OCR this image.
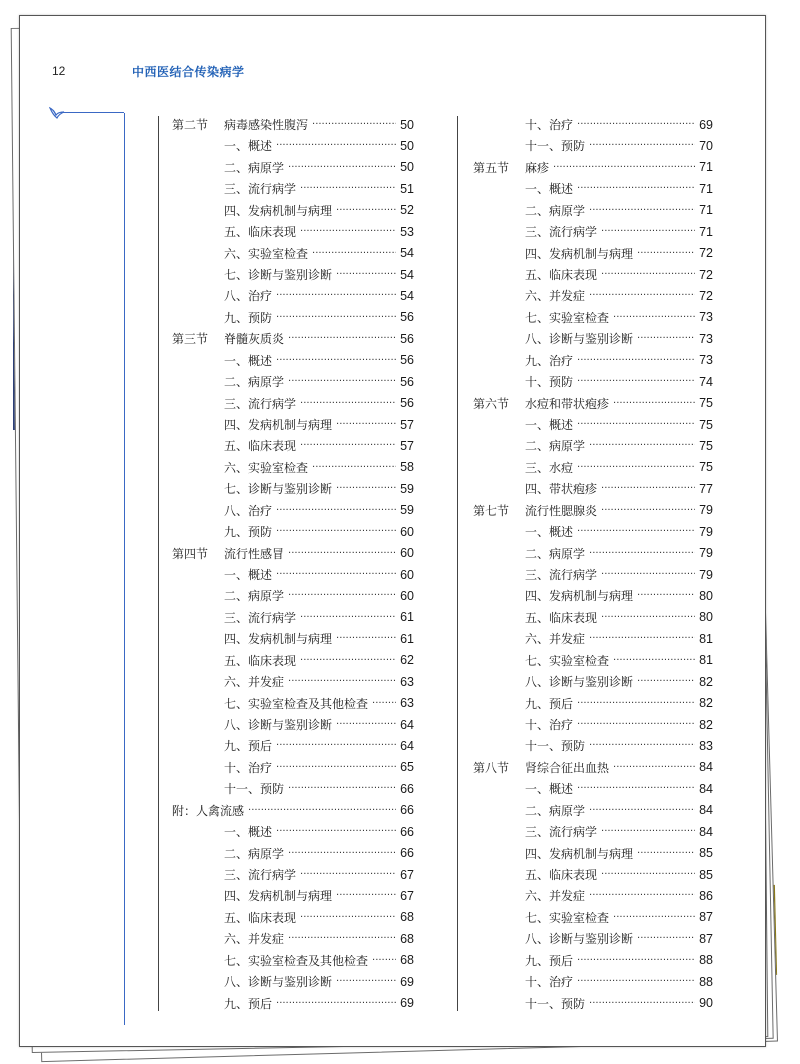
12	中西医结合传染病学
第二节	病毒感染性腹泻 ·····	50
一、概述 ·····	50
二、病原学 ·····	50
三、流行病学 ·····	51
四、发病机制与病理 ·····	52
五、临床表现 ·····	53
六、实验室检查 ·····	54
七、诊断与鉴别诊断 ·····	54
八、治疗 ·····	54
九、预防 ·····	56
第三节	脊髓灰质炎 ·····	56
一、概述 ·····	56
二、病原学 ·····	56
三、流行病学 ·····	56
四、发病机制与病理 ·····	57
五、临床表现 ·····	57
六、实验室检查 ·····	58
七、诊断与鉴别诊断 ·····	59
八、治疗 ·····	59
九、预防 ·····	60
第四节	流行性感冒 ·····	60
一、概述 ·····	60
二、病原学 ·····	60
三、流行病学 ·····	61
四、发病机制与病理 ·····	61
五、临床表现 ·····	62
六、并发症 ·····	63
七、实验室检查及其他检查 ·····	63
八、诊断与鉴别诊断 ·····	64
九、预后 ·····	64
十、治疗 ·····	65
十一、预防 ·····	66
附：人禽流感 ·····	66
一、概述 ·····	66
二、病原学 ·····	66
三、流行病学 ·····	67
四、发病机制与病理 ·····	67
五、临床表现 ·····	68
六、并发症 ·····	68
七、实验室检查及其他检查 ·····	68
八、诊断与鉴别诊断 ·····	69
九、预后 ·····	69
十、治疗 ·····	69
十一、预防 ·····	70
第五节	麻疹 ·····	71
一、概述 ·····	71
二、病原学 ·····	71
三、流行病学 ·····	71
四、发病机制与病理 ·····	72
五、临床表现 ·····	72
六、并发症 ·····	72
七、实验室检查 ·····	73
八、诊断与鉴别诊断 ·····	73
九、治疗 ·····	73
十、预防 ·····	74
第六节	水痘和带状疱疹 ·····	75
一、概述 ·····	75
二、病原学 ·····	75
三、水痘 ·····	75
四、带状疱疹 ·····	77
第七节	流行性腮腺炎 ·····	79
一、概述 ·····	79
二、病原学 ·····	79
三、流行病学 ·····	79
四、发病机制与病理 ·····	80
五、临床表现 ·····	80
六、并发症 ·····	81
七、实验室检查 ·····	81
八、诊断与鉴别诊断 ·····	82
九、预后 ·····	82
十、治疗 ·····	82
十一、预防 ·····	83
第八节	肾综合征出血热 ·····	84
一、概述 ·····	84
二、病原学 ·····	84
三、流行病学 ·····	84
四、发病机制与病理 ·····	85
五、临床表现 ·····	85
六、并发症 ·····	86
七、实验室检查 ·····	87
八、诊断与鉴别诊断 ·····	87
九、预后 ·····	88
十、治疗 ·····	88
十一、预防 ·····	90
